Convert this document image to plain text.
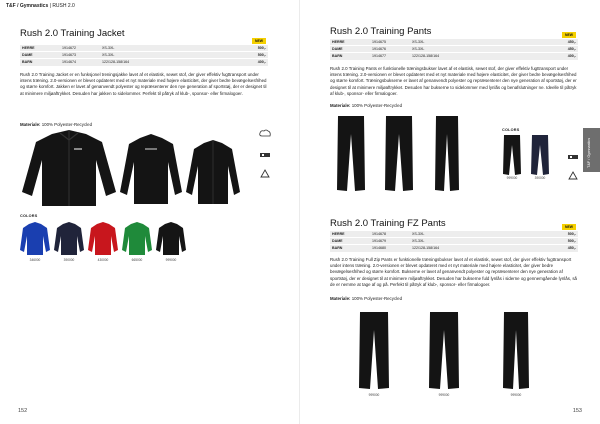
T&F / Gymnastics | RUSH 2.0
Rush 2.0 Training Jacket
NEW
HERRE	1914672	XS-3XL	500,-
DAME	1914673	XS-3XL	500,-
BARN	1914674	122/128-158/164	400,-
Rush 2.0 Training Jacket er en funksjonel treningsjakke lavet af et elastisk, sewet stof, der giver effektiv fugttransport under intens træning. 2.0-versionen er blevet opdateret med et nyt materiale med højere elasticitet, der giver bedre bevægelsesfrihed og større komfort. Jakken er lavet af genanvendt polyester og repræsenterer den nye generation af sportstøj, der er designet til at minimere miljøaftrykket. Desuden har jakken to sidelommer. Perfekt til påtryk af klub-, sponsor- eller firmalogoer.
Materiale: 100% Polyester-Recycled
COLORS
346000	390000	430000	665000	999000
152
Rush 2.0 Training Pants	NEW
HERRE	1914675	XS-3XL	450,-
DAME	1914676	XS-3XL	450,-
BARN	1914677	122/128-158/164	400,-
Rush 2.0 Training Pants er funktionelle træningsbukser lavet af et elastisk, sewet stof, der giver effektiv fugttransport under intens træning. 2.0-versionen er blevet opdateret med et nyt materiale med højere elasticitet, der giver bedre bevægelsesfrihed og større komfort. Træningsbukserne er lavet af genanvendt polyester og repræsenterer den nye generation af sportstøj, der er designet til at minimere miljøaftrykket. Desuden har bukserne to sidelommer med lynlås og benafslutninger ne. Ideelle til påtryk af klub-, sponsor- eller firmalogoer.
Materiale: 100% Polyester-Recycled
COLORS
999000	390000
T&F / Gymnastics
Rush 2.0 Training FZ Pants	NEW
HERRE	1914678	XS-3XL	500,-
DAME	1914679	XS-3XL	500,-
BARN	1914680	122/128-158/164	450,-
Rush 2.0 Training Full Zip Pants er funktionelle træningsbukser lavet af et elastisk, sewet stof, der giver effektiv fugttransport under intens træning. 2.0-versionen er blevet opdateret med et nyt materiale med højere elasticitet, der giver bedre bevægelsesfrihed og større komfort. Bukserne er lavet af genanvendt polyester og repræsenterer den nye generation af sportstøj, der er designet til at minimere miljøaftrykket. Desuden har bukserne fuld lynlås i siderne og gennemgående lynlås, så de er nemme at tage af og på. Perfekt til påtryk af klub-, sponsor- eller firmalogoer.
Materiale: 100% Polyester-Recycled
999000	999000	999000
153
